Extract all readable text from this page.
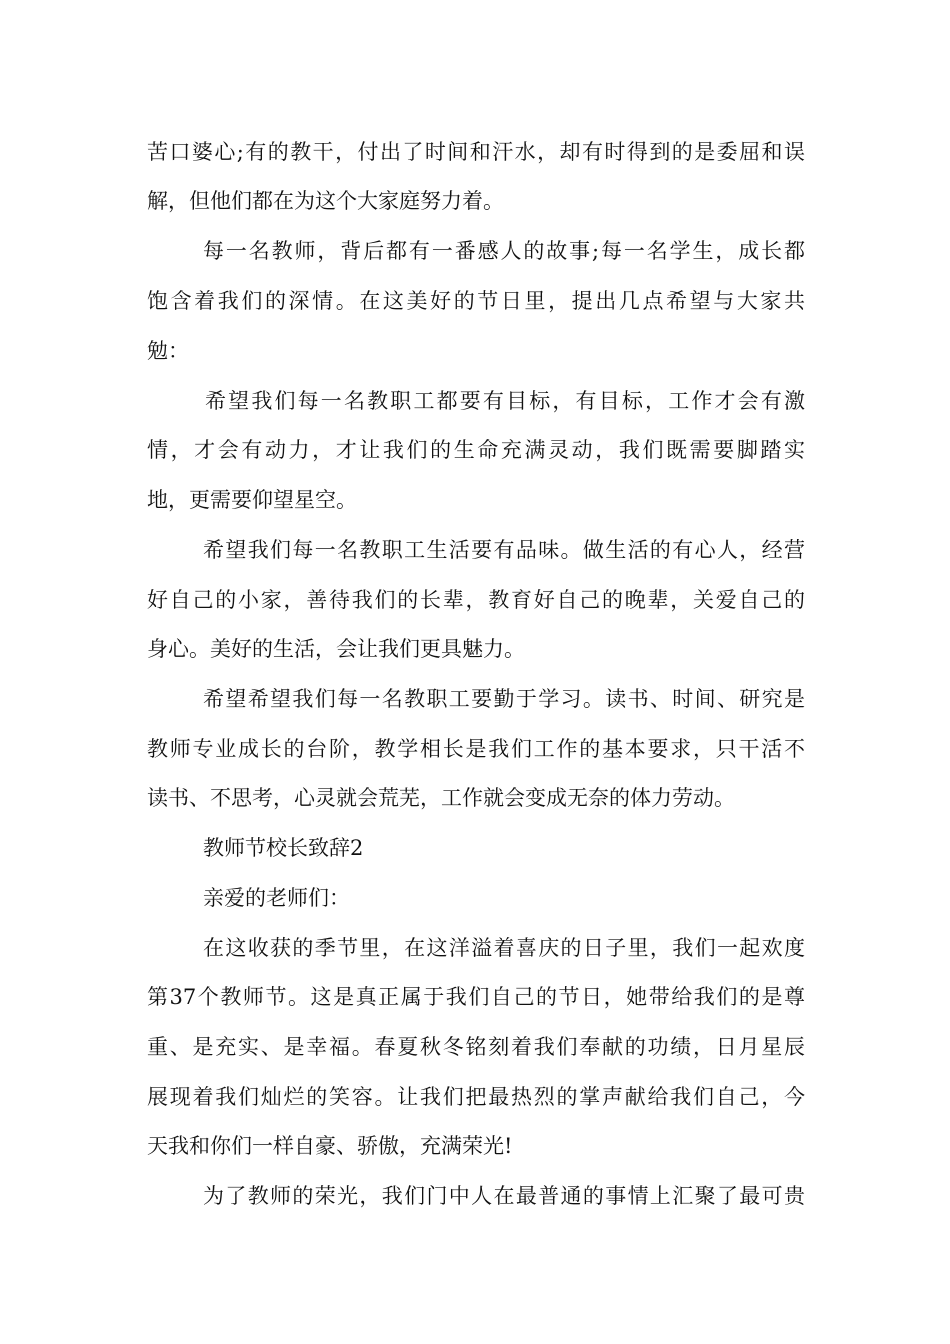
苦口婆心;有的教干，付出了时间和汗水，却有时得到的是委屈和误

解，但他们都在为这个大家庭努力着。

每一名教师，背后都有一番感人的故事;每一名学生，成长都

饱含着我们的深情。在这美好的节日里，提出几点希望与大家共

勉：

希望我们每一名教职工都要有目标，有目标，工作才会有激

情，才会有动力，才让我们的生命充满灵动，我们既需要脚踏实

地，更需要仰望星空。

希望我们每一名教职工生活要有品味。做生活的有心人，经营

好自己的小家，善待我们的长辈，教育好自己的晚辈，关爱自己的

身心。美好的生活，会让我们更具魅力。

希望希望我们每一名教职工要勤于学习。读书、时间、研究是

教师专业成长的台阶，教学相长是我们工作的基本要求，只干活不

读书、不思考，心灵就会荒芜，工作就会变成无奈的体力劳动。

教师节校长致辞2

亲爱的老师们：

在这收获的季节里，在这洋溢着喜庆的日子里，我们一起欢度

第37个教师节。这是真正属于我们自己的节日，她带给我们的是尊

重、是充实、是幸福。春夏秋冬铭刻着我们奉献的功绩，日月星辰

展现着我们灿烂的笑容。让我们把最热烈的掌声献给我们自己，今

天我和你们一样自豪、骄傲，充满荣光!

为了教师的荣光，我们门中人在最普通的事情上汇聚了最可贵
